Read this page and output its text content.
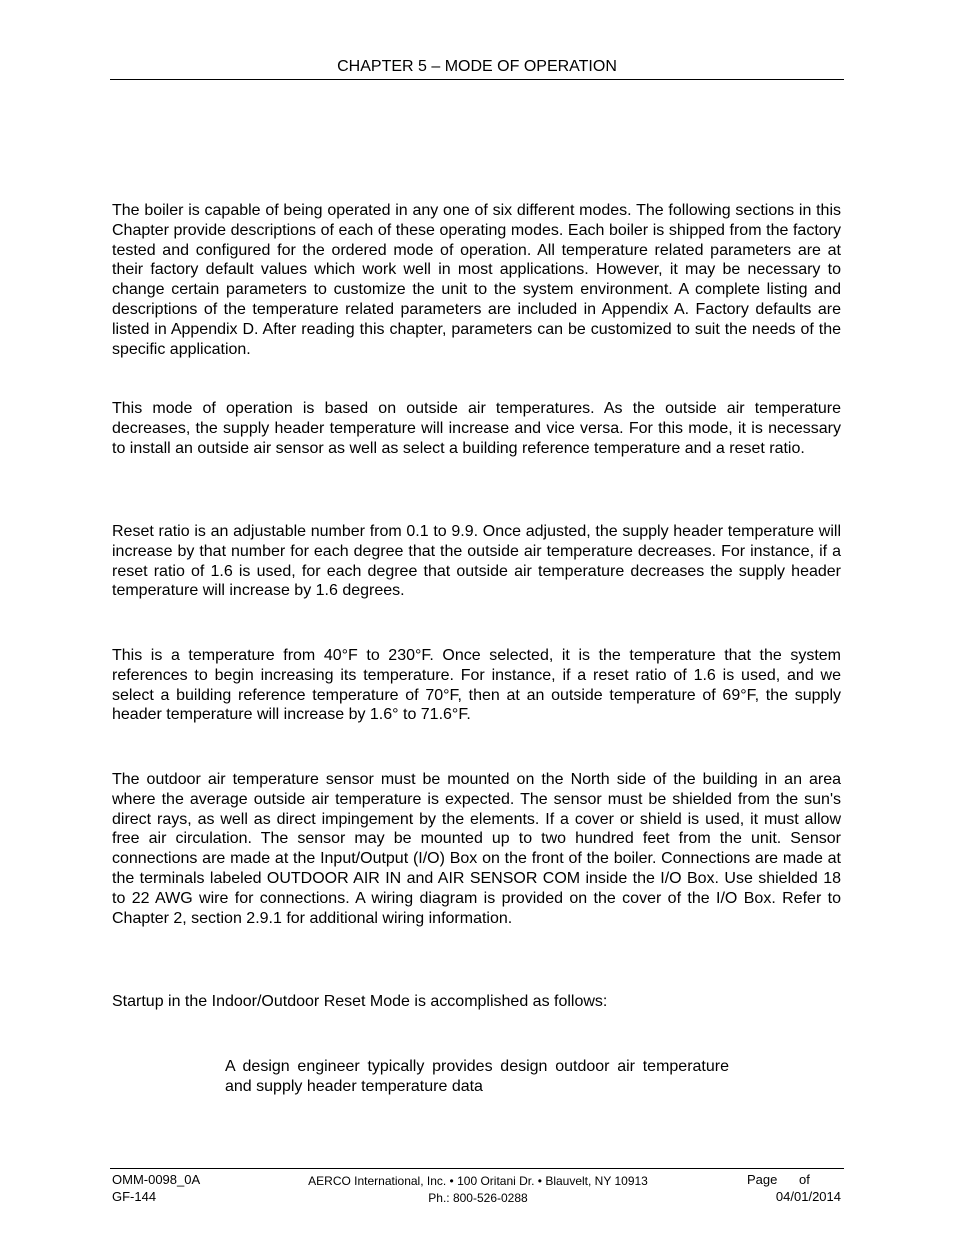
CHAPTER 5 – MODE OF OPERATION

The boiler is capable of being operated in any one of six different modes. The following sections in this Chapter provide descriptions of each of these operating modes. Each boiler is shipped from the factory tested and configured for the ordered mode of operation. All temperature related parameters are at their factory default values which work well in most applications. However, it may be necessary to change certain parameters to customize the unit to the system environment. A complete listing and descriptions of the temperature related parameters are included in Appendix A. Factory defaults are listed in Appendix D. After reading this chapter, parameters can be customized to suit the needs of the specific application.

This mode of operation is based on outside air temperatures. As the outside air temperature decreases, the supply header temperature will increase and vice versa. For this mode, it is necessary to install an outside air sensor as well as select a building reference temperature and a reset ratio.

Reset ratio is an adjustable number from 0.1 to 9.9. Once adjusted, the supply header temperature will increase by that number for each degree that the outside air temperature decreases. For instance, if a reset ratio of 1.6 is used, for each degree that outside air temperature decreases the supply header temperature will increase by 1.6 degrees.

This is a temperature from 40°F to 230°F. Once selected, it is the temperature that the system references to begin increasing its temperature. For instance, if a reset ratio of 1.6 is used, and we select a building reference temperature of 70°F, then at an outside temperature of 69°F, the supply header temperature will increase by 1.6° to 71.6°F.

The outdoor air temperature sensor must be mounted on the North side of the building in an area where the average outside air temperature is expected. The sensor must be shielded from the sun's direct rays, as well as direct impingement by the elements. If a cover or shield is used, it must allow free air circulation. The sensor may be mounted up to two hundred feet from the unit. Sensor connections are made at the Input/Output (I/O) Box on the front of the boiler. Connections are made at the terminals labeled OUTDOOR AIR IN and AIR SENSOR COM inside the I/O Box. Use shielded 18 to 22 AWG wire for connections. A wiring diagram is provided on the cover of the I/O Box. Refer to Chapter 2, section 2.9.1 for additional wiring information.

Startup in the Indoor/Outdoor Reset Mode is accomplished as follows:

A design engineer typically provides design outdoor air temperature and supply header temperature data

OMM-0098_0A
GF-144
AERCO International, Inc. • 100 Oritani Dr. • Blauvelt, NY 10913
Ph.: 800-526-0288
Page      of
04/01/2014
